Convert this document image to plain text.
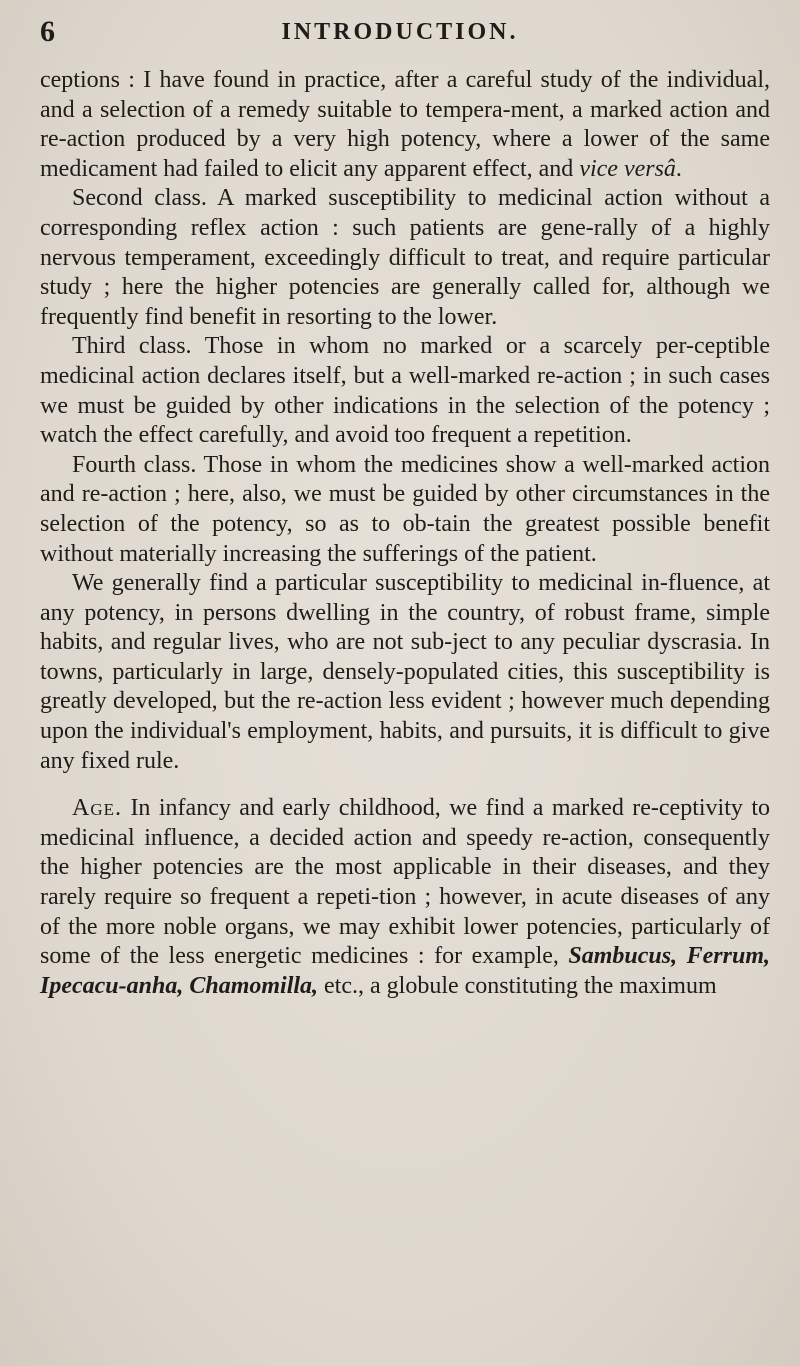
6	INTRODUCTION.

ceptions : I have found in practice, after a careful study of the individual, and a selection of a remedy suitable to tempera-ment, a marked action and re-action produced by a very high potency, where a lower of the same medicament had failed to elicit any apparent effect, and vice versâ.

Second class. A marked susceptibility to medicinal action without a corresponding reflex action : such patients are gene-rally of a highly nervous temperament, exceedingly difficult to treat, and require particular study ; here the higher potencies are generally called for, although we frequently find benefit in resorting to the lower.

Third class. Those in whom no marked or a scarcely per-ceptible medicinal action declares itself, but a well-marked re-action ; in such cases we must be guided by other indications in the selection of the potency ; watch the effect carefully, and avoid too frequent a repetition.

Fourth class. Those in whom the medicines show a well-marked action and re-action ; here, also, we must be guided by other circumstances in the selection of the potency, so as to ob-tain the greatest possible benefit without materially increasing the sufferings of the patient.

We generally find a particular susceptibility to medicinal in-fluence, at any potency, in persons dwelling in the country, of robust frame, simple habits, and regular lives, who are not sub-ject to any peculiar dyscrasia. In towns, particularly in large, densely-populated cities, this susceptibility is greatly developed, but the re-action less evident ; however much depending upon the individual's employment, habits, and pursuits, it is difficult to give any fixed rule.

Age. In infancy and early childhood, we find a marked re-ceptivity to medicinal influence, a decided action and speedy re-action, consequently the higher potencies are the most applicable in their diseases, and they rarely require so frequent a repeti-tion ; however, in acute diseases of any of the more noble organs, we may exhibit lower potencies, particularly of some of the less energetic medicines : for example, Sambucus, Ferrum, Ipecacu-anha, Chamomilla, etc., a globule constituting the maximum
